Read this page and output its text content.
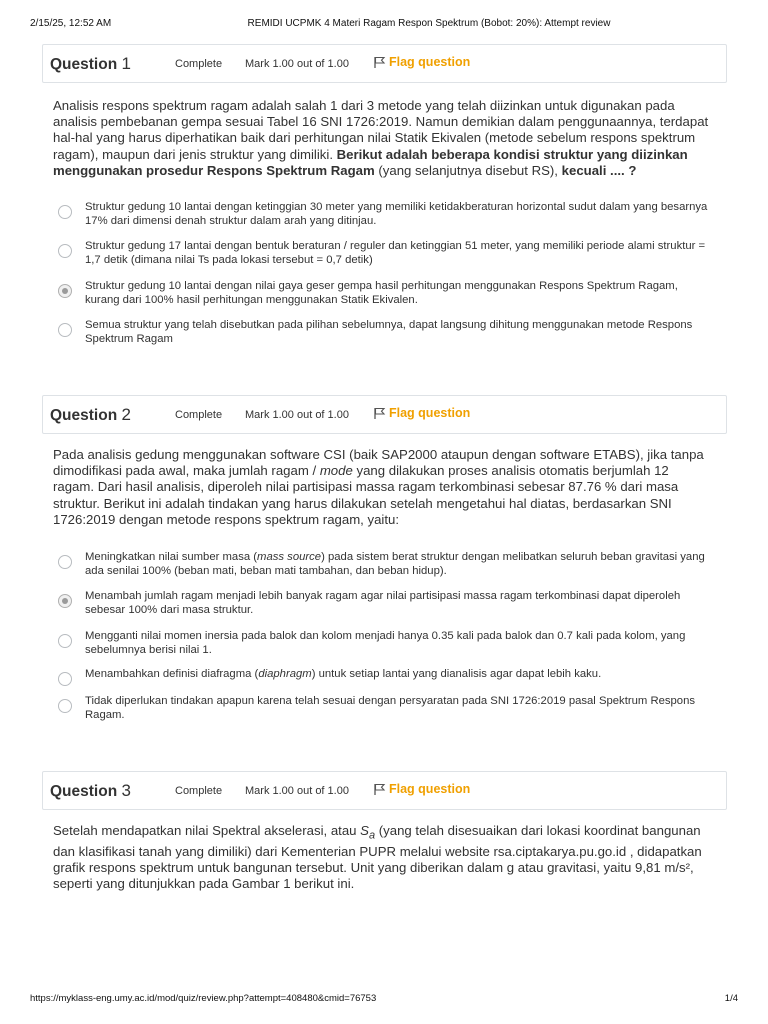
2/15/25, 12:52 AM	REMIDI UCPMK 4 Materi Ragam Respon Spektrum (Bobot: 20%): Attempt review
Question 1	Complete Mark 1.00 out of 1.00	Flag question
Analisis respons spektrum ragam adalah salah 1 dari 3 metode yang telah diizinkan untuk digunakan pada analisis pembebanan gempa sesuai Tabel 16 SNI 1726:2019. Namun demikian dalam penggunaannya, terdapat hal-hal yang harus diperhatikan baik dari perhitungan nilai Statik Ekivalen (metode sebelum respons spektrum ragam), maupun dari jenis struktur yang dimiliki. Berikut adalah beberapa kondisi struktur yang diizinkan menggunakan prosedur Respons Spektrum Ragam (yang selanjutnya disebut RS), kecuali .... ?
Struktur gedung 10 lantai dengan ketinggian 30 meter yang memiliki ketidakberaturan horizontal sudut dalam yang besarnya 17% dari dimensi denah struktur dalam arah yang ditinjau.
Struktur gedung 17 lantai dengan bentuk beraturan / reguler dan ketinggian 51 meter, yang memiliki periode alami struktur = 1,7 detik (dimana nilai Ts pada lokasi tersebut = 0,7 detik)
Struktur gedung 10 lantai dengan nilai gaya geser gempa hasil perhitungan menggunakan Respons Spektrum Ragam, kurang dari 100% hasil perhitungan menggunakan Statik Ekivalen.
Semua struktur yang telah disebutkan pada pilihan sebelumnya, dapat langsung dihitung menggunakan metode Respons Spektrum Ragam
Question 2	Complete Mark 1.00 out of 1.00	Flag question
Pada analisis gedung menggunakan software CSI (baik SAP2000 ataupun dengan software ETABS), jika tanpa dimodifikasi pada awal, maka jumlah ragam / mode yang dilakukan proses analisis otomatis berjumlah 12 ragam. Dari hasil analisis, diperoleh nilai partisipasi massa ragam terkombinasi sebesar 87.76 % dari masa struktur. Berikut ini adalah tindakan yang harus dilakukan setelah mengetahui hal diatas, berdasarkan SNI 1726:2019 dengan metode respons spektrum ragam, yaitu:
Meningkatkan nilai sumber masa (mass source) pada sistem berat struktur dengan melibatkan seluruh beban gravitasi yang ada senilai 100% (beban mati, beban mati tambahan, dan beban hidup).
Menambah jumlah ragam menjadi lebih banyak ragam agar nilai partisipasi massa ragam terkombinasi dapat diperoleh sebesar 100% dari masa struktur.
Mengganti nilai momen inersia pada balok dan kolom menjadi hanya 0.35 kali pada balok dan 0.7 kali pada kolom, yang sebelumnya berisi nilai 1.
Menambahkan definisi diafragma (diaphragm) untuk setiap lantai yang dianalisis agar dapat lebih kaku.
Tidak diperlukan tindakan apapun karena telah sesuai dengan persyaratan pada SNI 1726:2019 pasal Spektrum Respons Ragam.
Question 3	Complete Mark 1.00 out of 1.00	Flag question
Setelah mendapatkan nilai Spektral akselerasi, atau $S_a$ (yang telah disesuaikan dari lokasi koordinat bangunan dan klasifikasi tanah yang dimiliki) dari Kementerian PUPR melalui website rsa.ciptakarya.pu.go.id , didapatkan grafik respons spektrum untuk bangunan tersebut. Unit yang diberikan dalam g atau gravitasi, yaitu 9,81 m/s², seperti yang ditunjukkan pada Gambar 1 berikut ini.
https://myklass-eng.umy.ac.id/mod/quiz/review.php?attempt=408480&cmid=76753	1/4
